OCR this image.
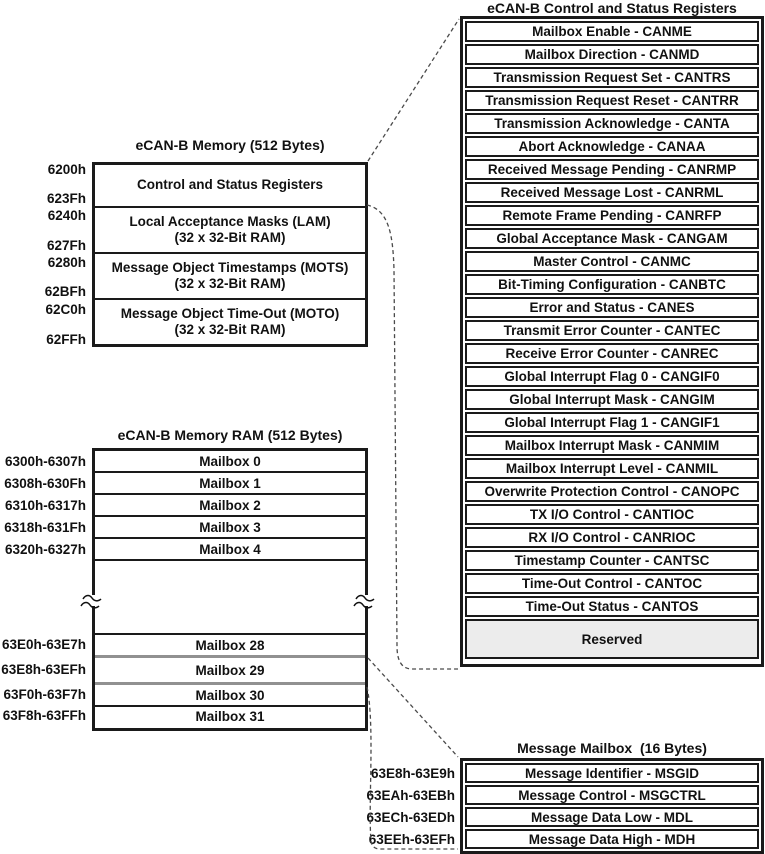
eCAN-B Memory (512 Bytes)
Control and Status Registers
Local Acceptance Masks (LAM)
(32 x 32-Bit RAM)
Message Object Timestamps (MOTS)
(32 x 32-Bit RAM)
Message Object Time-Out (MOTO)
(32 x 32-Bit RAM)
6200h
623Fh
6240h
627Fh
6280h
62BFh
62C0h
62FFh
eCAN-B Control and Status Registers
Mailbox Enable - CANME
Mailbox Direction - CANMD
Transmission Request Set - CANTRS
Transmission Request Reset - CANTRR
Transmission Acknowledge - CANTA
Abort Acknowledge - CANAA
Received Message Pending - CANRMP
Received Message Lost - CANRML
Remote Frame Pending - CANRFP
Global Acceptance Mask - CANGAM
Master Control - CANMC
Bit-Timing Configuration - CANBTC
Error and Status - CANES
Transmit Error Counter - CANTEC
Receive Error Counter - CANREC
Global Interrupt Flag 0 - CANGIF0
Global Interrupt Mask - CANGIM
Global Interrupt Flag 1 - CANGIF1
Mailbox Interrupt Mask - CANMIM
Mailbox Interrupt Level - CANMIL
Overwrite Protection Control - CANOPC
TX I/O Control - CANTIOC
RX I/O Control - CANRIOC
Timestamp Counter - CANTSC
Time-Out Control - CANTOC
Time-Out Status - CANTOS
Reserved
eCAN-B Memory RAM (512 Bytes)
Mailbox 0
Mailbox 1
Mailbox 2
Mailbox 3
Mailbox 4
Mailbox 28
Mailbox 29
Mailbox 30
Mailbox 31
6300h-6307h
6308h-630Fh
6310h-6317h
6318h-631Fh
6320h-6327h
63E0h-63E7h
63E8h-63EFh
63F0h-63F7h
63F8h-63FFh
Message Mailbox  (16 Bytes)
Message Identifier - MSGID
Message Control - MSGCTRL
Message Data Low - MDL
Message Data High - MDH
63E8h-63E9h
63EAh-63EBh
63ECh-63EDh
63EEh-63EFh
